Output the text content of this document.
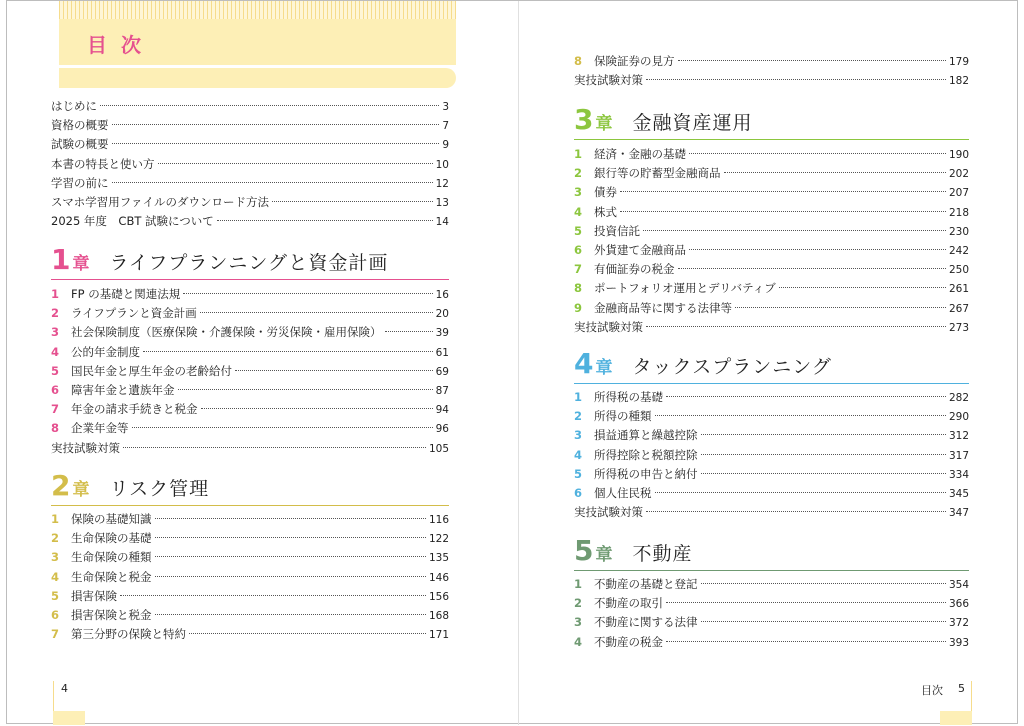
目次
はじめに	3
資格の概要	7
試験の概要	9
本書の特長と使い方	10
学習の前に	12
スマホ学習用ファイルのダウンロード方法	13
2025 年度　CBT 試験について	14
1 章 ライフプランニングと資金計画
1	FP の基礎と関連法規	16
2	ライフプランと資金計画	20
3	社会保険制度（医療保険・介護保険・労災保険・雇用保険）	39
4	公的年金制度	61
5	国民年金と厚生年金の老齢給付	69
6	障害年金と遺族年金	87
7	年金の請求手続きと税金	94
8	企業年金等	96
実技試験対策	105
2 章 リスク管理
1	保険の基礎知識	116
2	生命保険の基礎	122
3	生命保険の種類	135
4	生命保険と税金	146
5	損害保険	156
6	損害保険と税金	168
7	第三分野の保険と特約	171
8	保険証券の見方	179
実技試験対策	182
3 章 金融資産運用
1	経済・金融の基礎	190
2	銀行等の貯蓄型金融商品	202
3	債券	207
4	株式	218
5	投資信託	230
6	外貨建て金融商品	242
7	有価証券の税金	250
8	ポートフォリオ運用とデリバティブ	261
9	金融商品等に関する法律等	267
実技試験対策	273
4 章 タックスプランニング
1	所得税の基礎	282
2	所得の種類	290
3	損益通算と繰越控除	312
4	所得控除と税額控除	317
5	所得税の申告と納付	334
6	個人住民税	345
実技試験対策	347
5 章 不動産
1	不動産の基礎と登記	354
2	不動産の取引	366
3	不動産に関する法律	372
4	不動産の税金	393
4	目次 5
